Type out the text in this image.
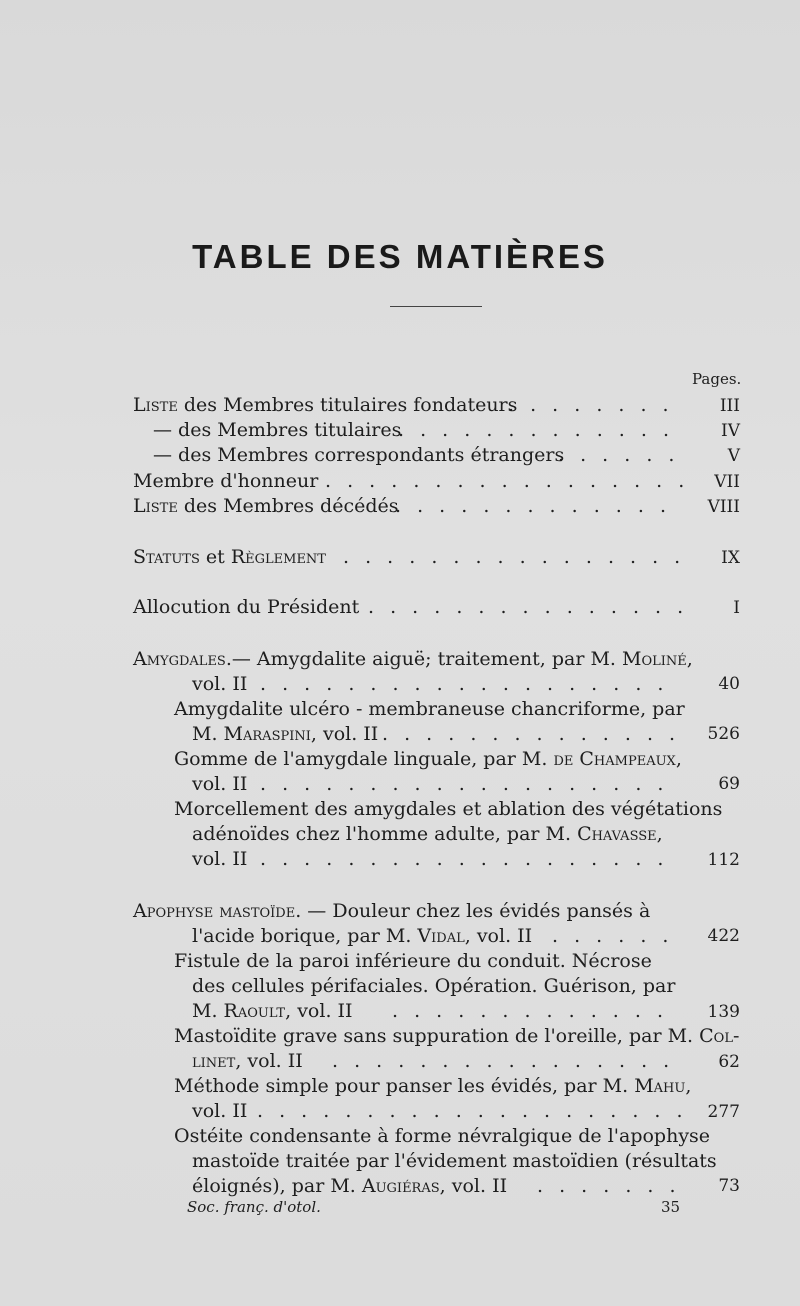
TABLE DES MATIÈRES
Pages.
Liste des Membres titulaires fondateurs
. . . . . . . .	III
— des Membres titulaires
. . . . . . . . . . . . .	IV
— des Membres correspondants étrangers
. . . . . .	V
Membre d'honneur . . . . . . . . . . . . . . . . .	VII
Liste des Membres décédés
. . . . . . . . . . . . .	VIII
Statuts et Règlement . . . . . . . . . . . . . . . .	IX
Allocution du Président . . . . . . . . . . . . . . .	I
Amygdales.— Amygdalite aiguë; traitement, par M. Moliné,
vol. II . . . . . . . . . . . . . . . . . . .	40
Amygdalite ulcéro - membraneuse chancriforme, par
M. Maraspini, vol. II . . . . . . . . . . . . . .	526
Gomme de l'amygdale linguale, par M. de Champeaux,
vol. II . . . . . . . . . . . . . . . . . . .	69
Morcellement des amygdales et ablation des végétations
adénoïdes chez l'homme adulte, par M. Chavasse,
vol. II . . . . . . . . . . . . . . . . . . .	112
Apophyse mastoïde. — Douleur chez les évidés pansés à
l'acide borique, par M. Vidal, vol. II . . . . . .	422
Fistule de la paroi inférieure du conduit. Nécrose
des cellules périfaciales. Opération. Guérison, par
M. Raoult, vol. II . . . . . . . . . . . . .	139
Mastoïdite grave sans suppuration de l'oreille, par M. Col-
linet, vol. II . . . . . . . . . . . . . . . .	62
Méthode simple pour panser les évidés, par M. Mahu,
vol. II . . . . . . . . . . . . . . . . . . . .	277
Ostéite condensante à forme névralgique de l'apophyse
mastoïde traitée par l'évidement mastoïdien (résultats
éloignés), par M. Augiéras, vol. II . . . . . . .	73
Soc. franç. d'otol.	35
